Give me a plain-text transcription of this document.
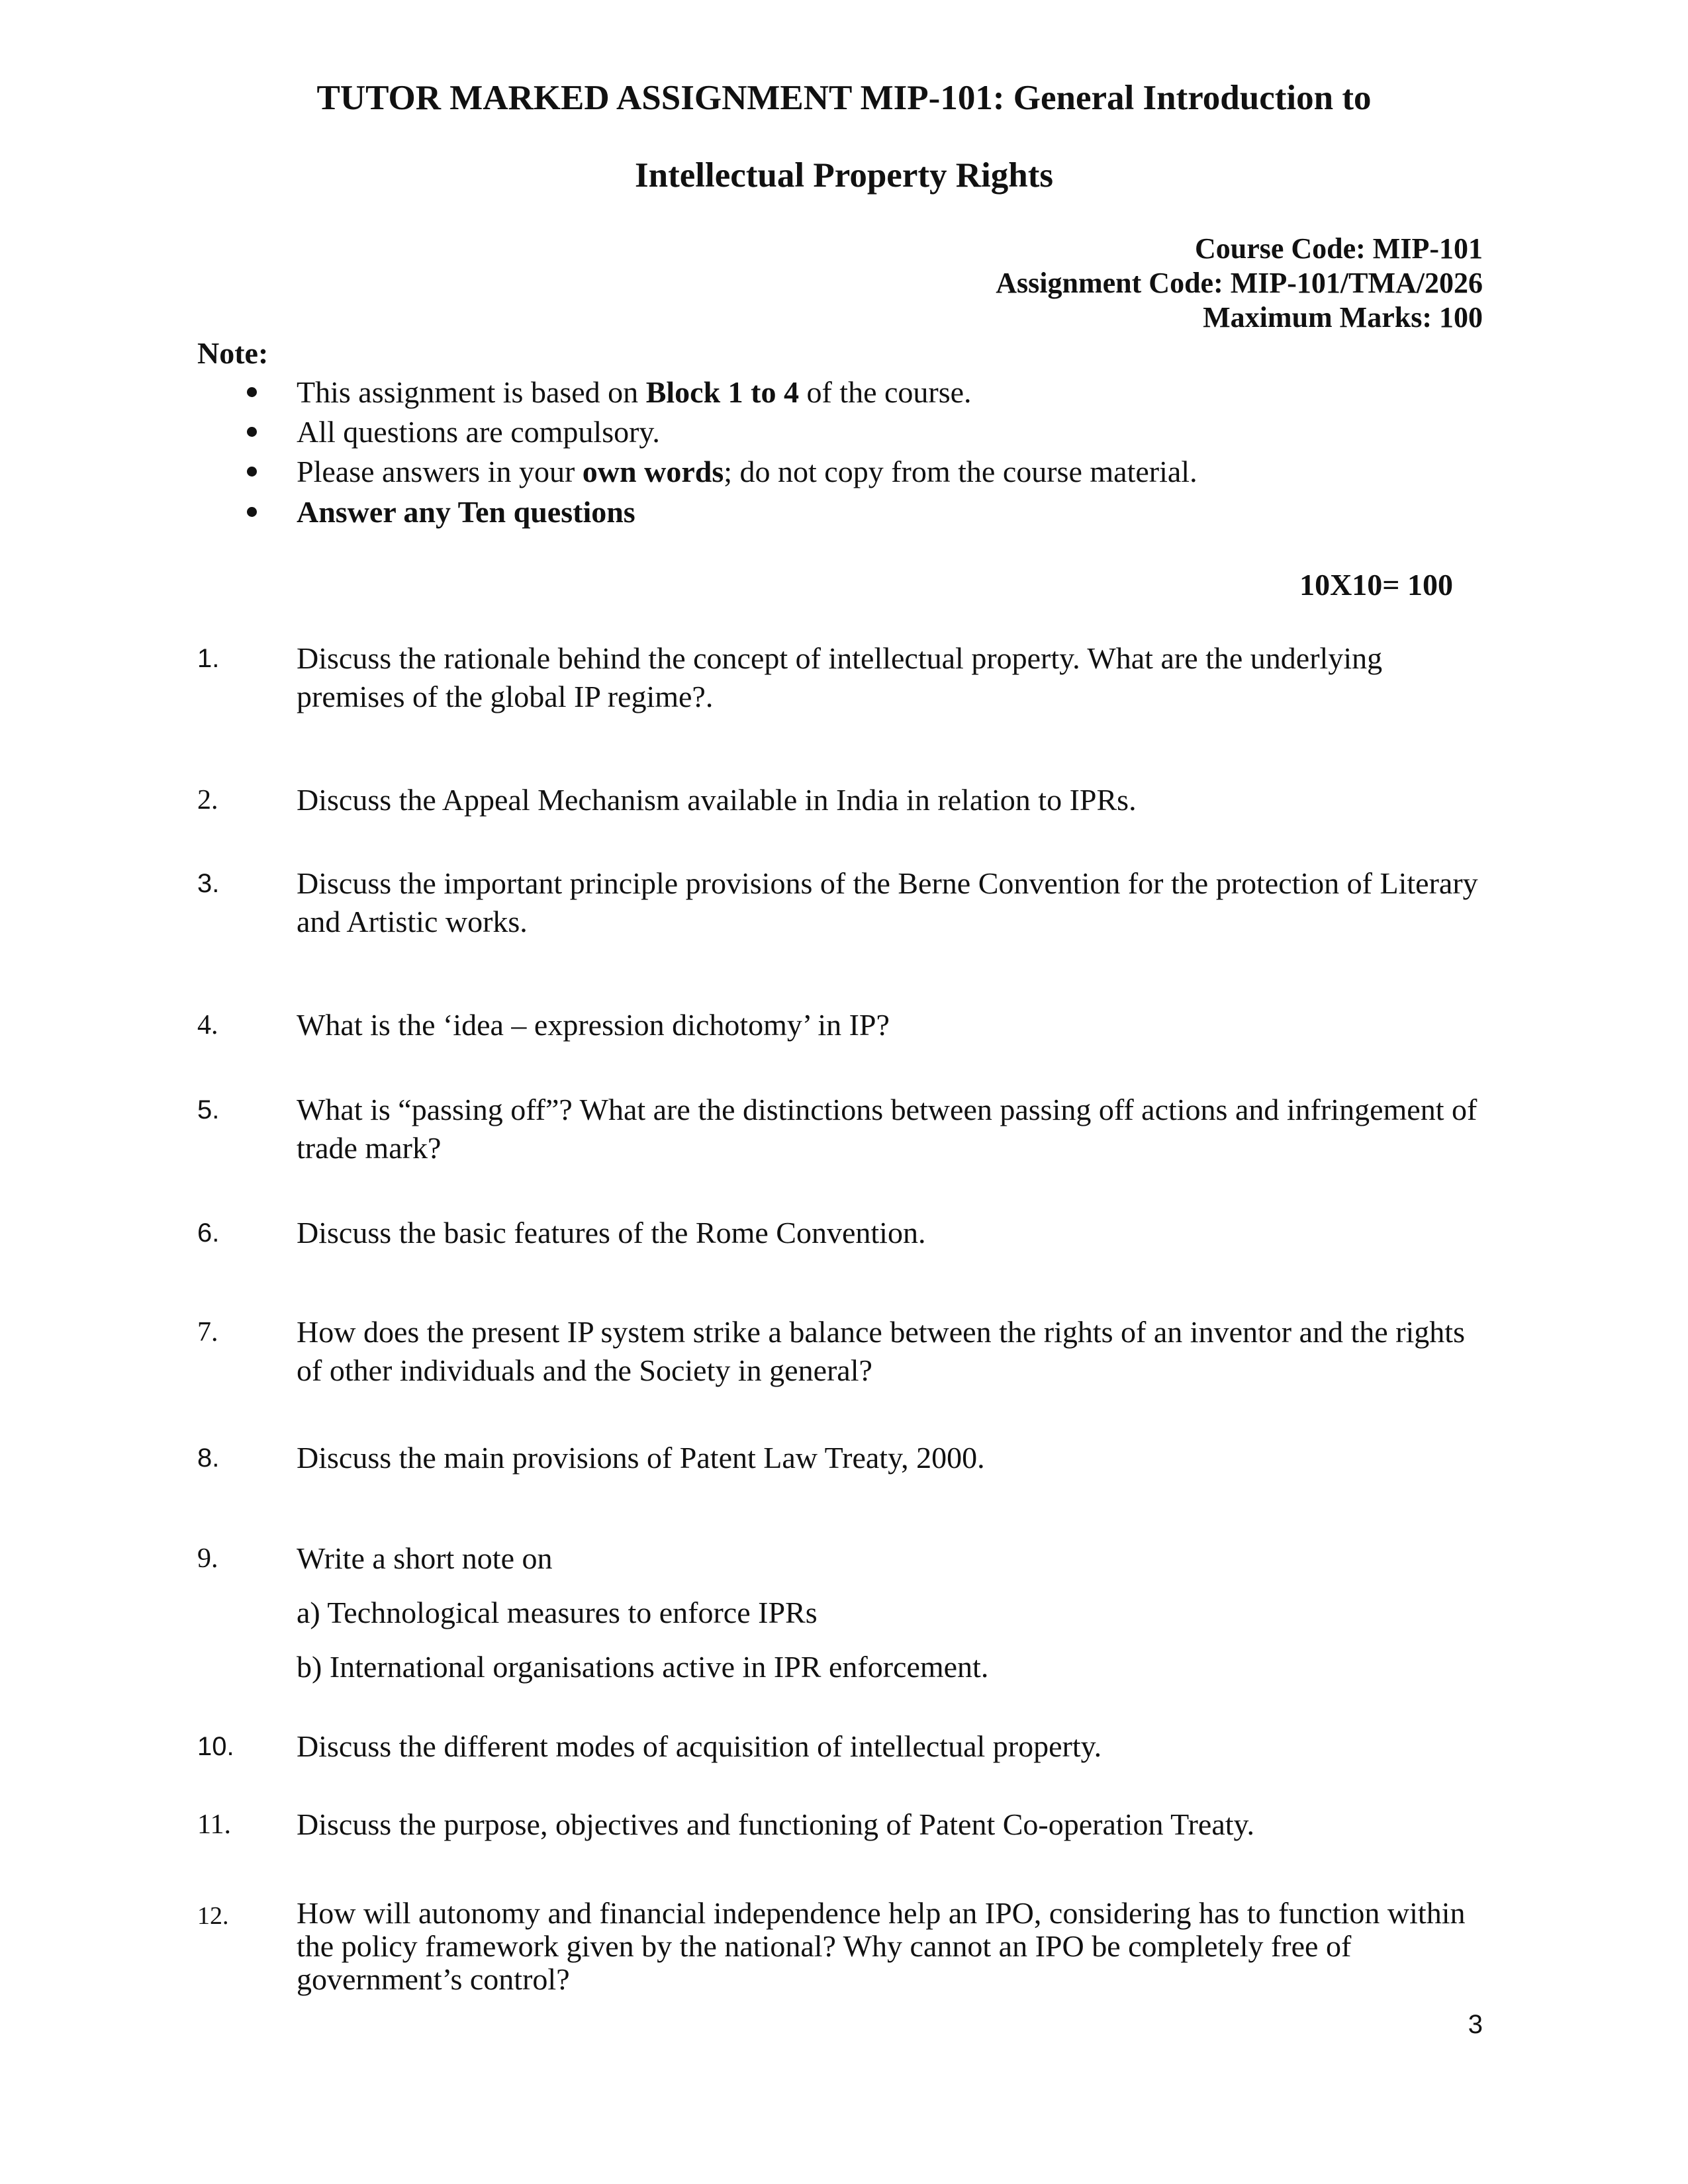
TUTOR MARKED ASSIGNMENT MIP-101: General Introduction to
Intellectual Property Rights
Course Code: MIP-101
Assignment Code: MIP-101/TMA/2026
Maximum Marks: 100
Note:
This assignment is based on Block 1 to 4 of the course.
All questions are compulsory.
Please answers in your own words; do not copy from the course material.
Answer any Ten questions
10X10= 100
1.	Discuss the rationale behind the concept of intellectual property. What are the underlying premises of the global IP regime?.
2.	Discuss the Appeal Mechanism available in India in relation to IPRs.
3.	Discuss the important principle provisions of the Berne Convention for the protection of Literary and Artistic works.
4.	What is the ‘idea – expression dichotomy’ in IP?
5.	What is “passing off”? What are the distinctions between passing off actions and infringement of trade mark?
6.	Discuss the basic features of the Rome Convention.
7.	How does the present IP system strike a balance between the rights of an inventor and the rights of other individuals and the Society in general?
8.	Discuss the main provisions of Patent Law Treaty, 2000.
9.	Write a short note on
a) Technological measures to enforce IPRs
b) International organisations active in IPR enforcement.
10. Discuss the different modes of acquisition of intellectual property.
11. Discuss the purpose, objectives and functioning of Patent Co-operation Treaty.
12. How will autonomy and financial independence help an IPO, considering has to function within the policy framework given by the national? Why cannot an IPO be completely free of government’s control?
3
